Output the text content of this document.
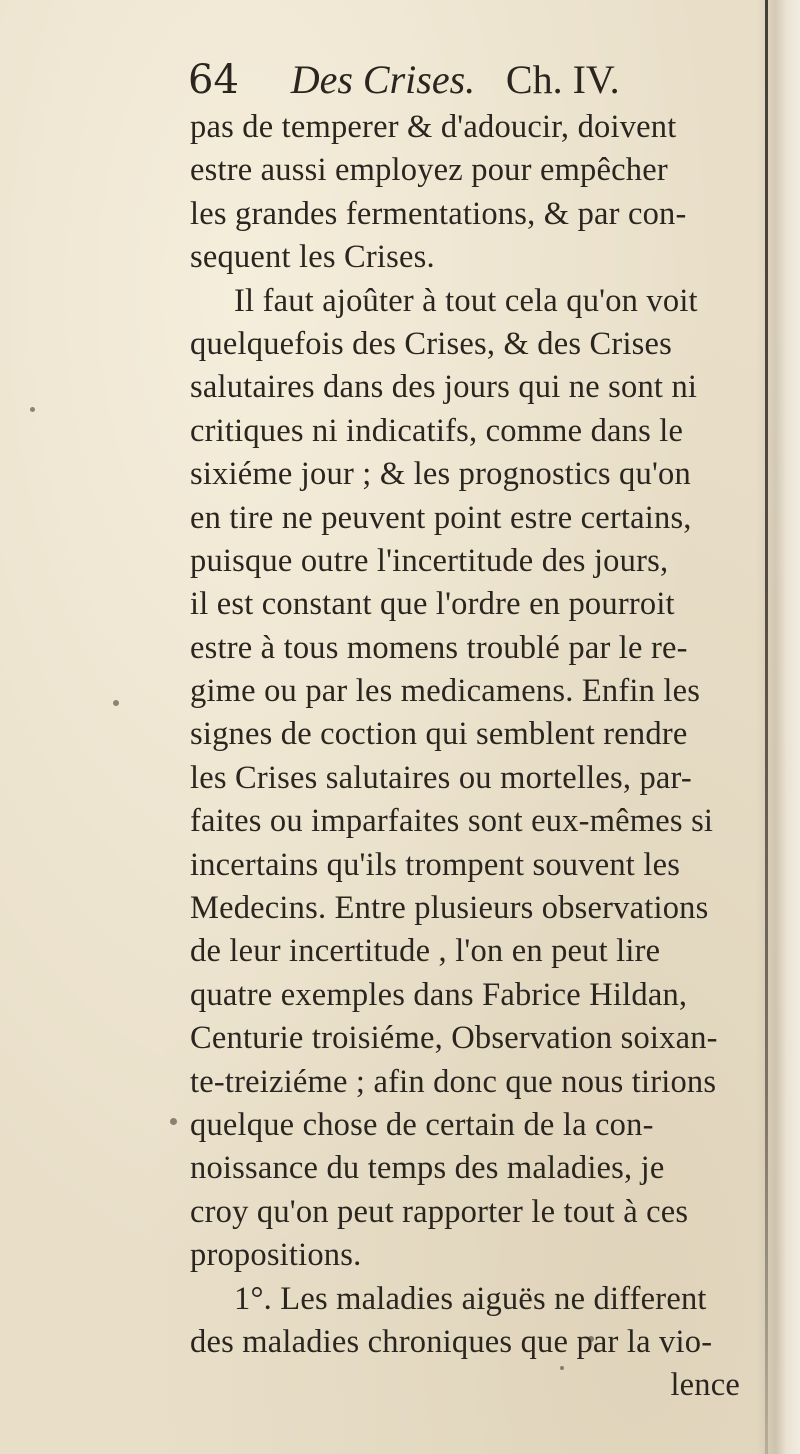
64 Des Crises. Ch. IV.
pas de temperer & d'adoucir, doivent
estre aussi employez pour empêcher
les grandes fermentations, & par con-
sequent les Crises.
Il faut ajoûter à tout cela qu'on voit
quelquefois des Crises, & des Crises
salutaires dans des jours qui ne sont ni
critiques ni indicatifs, comme dans le
sixiéme jour ; & les prognostics qu'on
en tire ne peuvent point estre certains,
puisque outre l'incertitude des jours,
il est constant que l'ordre en pourroit
estre à tous momens troublé par le re-
gime ou par les medicamens. Enfin les
signes de coction qui semblent rendre
les Crises salutaires ou mortelles, par-
faites ou imparfaites sont eux-mêmes si
incertains qu'ils trompent souvent les
Medecins. Entre plusieurs observations
de leur incertitude , l'on en peut lire
quatre exemples dans Fabrice Hildan,
Centurie troisiéme, Observation soixan-
te-treiziéme ; afin donc que nous tirions
quelque chose de certain de la con-
noissance du temps des maladies, je
croy qu'on peut rapporter le tout à ces
propositions.
1°. Les maladies aiguës ne different
des maladies chroniques que par la vio-
lence
